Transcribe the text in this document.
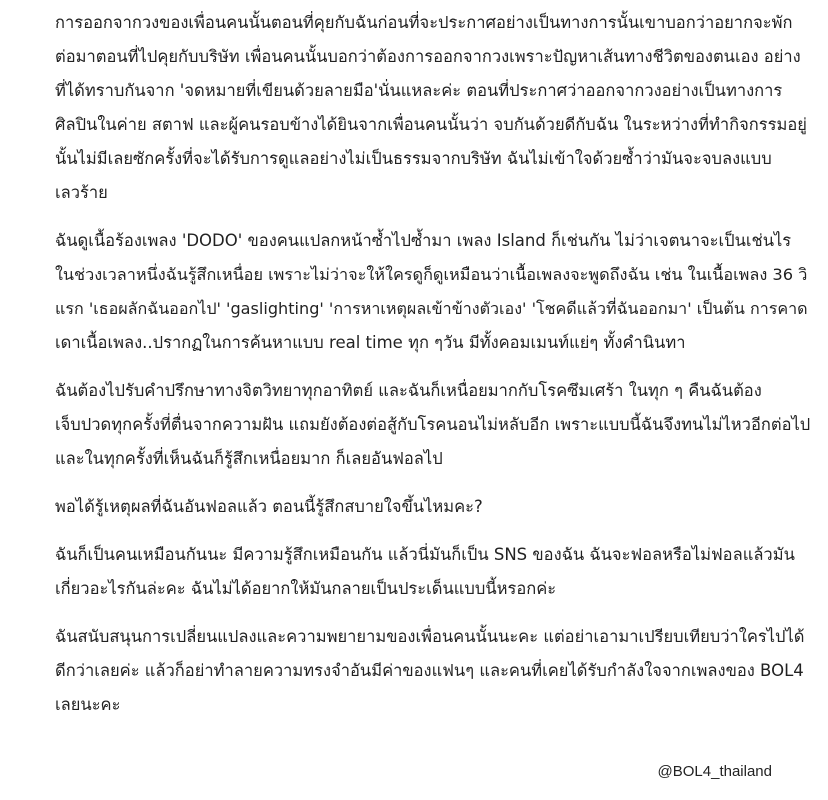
การออกจากวงของเพื่อนคนนั้นตอนที่คุยกับฉันก่อนที่จะประกาศอย่างเป็นทางการนั้นเขาบอกว่าอยากจะพัก
ต่อมาตอนที่ไปคุยกับบริษัท เพื่อนคนนั้นบอกว่าต้องการออกจากวงเพราะปัญหาเส้นทางชีวิตของตนเอง อย่าง
ที่ได้ทราบกันจาก 'จดหมายที่เขียนด้วยลายมือ'นั่นแหละค่ะ ตอนที่ประกาศว่าออกจากวงอย่างเป็นทางการ
ศิลปินในค่าย สตาฟ และผู้คนรอบข้างได้ยินจากเพื่อนคนนั้นว่า จบกันด้วยดีกับฉัน ในระหว่างที่ทำกิจกรรมอยู่
นั้นไม่มีเลยซักครั้งที่จะได้รับการดูแลอย่างไม่เป็นธรรมจากบริษัท ฉันไม่เข้าใจด้วยซ้ำว่ามันจะจบลงแบบ
เลวร้าย
ฉันดูเนื้อร้องเพลง 'DODO' ของคนแปลกหน้าซ้ำไปซ้ำมา เพลง Island ก็เช่นกัน ไม่ว่าเจตนาจะเป็นเช่นไร
ในช่วงเวลาหนึ่งฉันรู้สึกเหนื่อย เพราะไม่ว่าจะให้ใครดูก็ดูเหมือนว่าเนื้อเพลงจะพูดถึงฉัน เช่น ในเนื้อเพลง 36 วิ
แรก 'เธอผลักฉันออกไป' 'gaslighting' 'การหาเหตุผลเข้าข้างตัวเอง' 'โชคดีแล้วที่ฉันออกมา' เป็นต้น การคาด
เดาเนื้อเพลง..ปรากฏในการค้นหาแบบ real time ทุก ๆวัน มีทั้งคอมเมนท์แย่ๆ ทั้งคำนินทา
ฉันต้องไปรับคำปรึกษาทางจิตวิทยาทุกอาทิตย์ และฉันก็เหนื่อยมากกับโรคซึมเศร้า ในทุก ๆ คืนฉันต้อง
เจ็บปวดทุกครั้งที่ตื่นจากความฝัน แถมยังต้องต่อสู้กับโรคนอนไม่หลับอีก เพราะแบบนี้ฉันจึงทนไม่ไหวอีกต่อไป
และในทุกครั้งที่เห็นฉันก็รู้สึกเหนื่อยมาก ก็เลยอันฟอลไป
พอได้รู้เหตุผลที่ฉันอันฟอลแล้ว ตอนนี้รู้สึกสบายใจขึ้นไหมคะ?
ฉันก็เป็นคนเหมือนกันนะ มีความรู้สึกเหมือนกัน แล้วนี่มันก็เป็น SNS ของฉัน ฉันจะฟอลหรือไม่ฟอลแล้วมัน
เกี่ยวอะไรกันล่ะคะ ฉันไม่ได้อยากให้มันกลายเป็นประเด็นแบบนี้หรอกค่ะ
ฉันสนับสนุนการเปลี่ยนแปลงและความพยายามของเพื่อนคนนั้นนะคะ แต่อย่าเอามาเปรียบเทียบว่าใครไปได้
ดีกว่าเลยค่ะ แล้วก็อย่าทำลายความทรงจำอันมีค่าของแฟนๆ และคนที่เคยได้รับกำลังใจจากเพลงของ BOL4
เลยนะคะ
@BOL4_thailand
